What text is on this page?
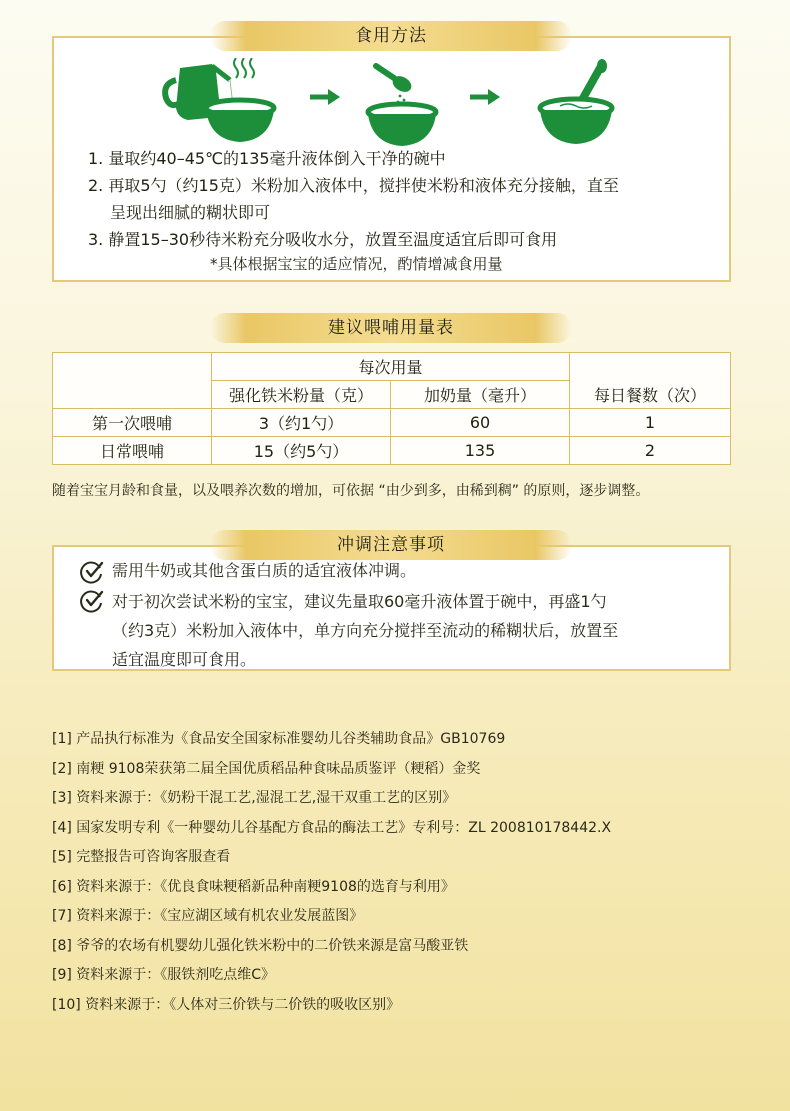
食用方法
1. 量取约40–45℃的135毫升液体倒入干净的碗中
2. 再取5勺（约15克）米粉加入液体中，搅拌使米粉和液体充分接触，直至
呈现出细腻的糊状即可
3. 静置15–30秒待米粉充分吸收水分，放置至温度适宜后即可食用
*具体根据宝宝的适应情况，酌情增减食用量
建议喂哺用量表
	每次用量		每日餐数（次）
	强化铁米粉量（克）	加奶量（毫升）	
第一次喂哺	3（约1勺）	60	1
日常喂哺	15（约5勺）	135	2
随着宝宝月龄和食量，以及喂养次数的增加，可依据 “由少到多，由稀到稠” 的原则，逐步调整。
冲调注意事项
需用牛奶或其他含蛋白质的适宜液体冲调。
对于初次尝试米粉的宝宝，建议先量取60毫升液体置于碗中，再盛1勺
（约3克）米粉加入液体中，单方向充分搅拌至流动的稀糊状后，放置至
适宜温度即可食用。
[1] 产品执行标准为《食品安全国家标准婴幼儿谷类辅助食品》GB10769
[2] 南粳 9108荣获第二届全国优质稻品种食味品质鉴评（粳稻）金奖
[3] 资料来源于：《奶粉干混工艺,湿混工艺,湿干双重工艺的区别》
[4] 国家发明专利《一种婴幼儿谷基配方食品的酶法工艺》专利号：ZL 200810178442.X
[5] 完整报告可咨询客服查看
[6] 资料来源于：《优良食味粳稻新品种南粳9108的选育与利用》
[7] 资料来源于：《宝应湖区域有机农业发展蓝图》
[8] 爷爷的农场有机婴幼儿强化铁米粉中的二价铁来源是富马酸亚铁
[9] 资料来源于：《服铁剂吃点维C》
[10] 资料来源于：《人体对三价铁与二价铁的吸收区别》
